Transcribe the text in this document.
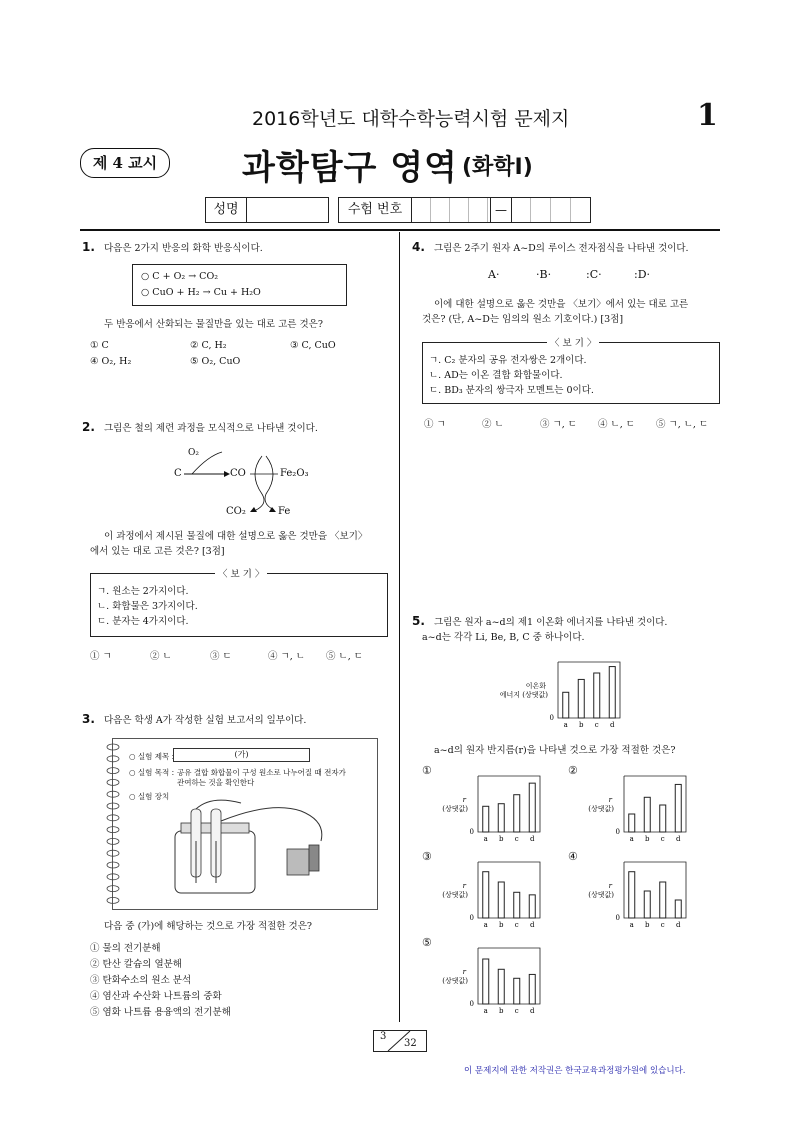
2016학년도 대학수학능력시험 문제지	1
제 4 교시	과학탐구 영역 (화학Ⅰ)
성명	수험 번호	—
1. 다음은 2가지 반응의 화학 반응식이다.
○ C + O₂ → CO₂
○ CuO + H₂ → Cu + H₂O
두 반응에서 산화되는 물질만을 있는 대로 고른 것은?
① C	② C, H₂	③ C, CuO
④ O₂, H₂	⑤ O₂, CuO
2. 그림은 철의 제련 과정을 모식적으로 나타낸 것이다.
O₂
C	CO	Fe₂O₃
CO₂	Fe
이 과정에서 제시된 물질에 대한 설명으로 옳은 것만을 〈보기〉
에서 있는 대로 고른 것은? [3점]
〈 보 기 〉
ㄱ. 원소는 2가지이다.
ㄴ. 화합물은 3가지이다.
ㄷ. 분자는 4가지이다.
① ㄱ	② ㄴ	③ ㄷ	④ ㄱ, ㄴ ⑤ ㄴ, ㄷ
3. 다음은 학생 A가 작성한 실험 보고서의 일부이다.
○ 실험 제목 :	(가)
○ 실험 목적 : 공유 결합 화합물이 구성 원소로 나누어질 때 전자가
관여하는 것을 확인한다
○ 실험 장치
다음 중 (가)에 해당하는 것으로 가장 적절한 것은?
① 물의 전기분해
② 탄산 칼슘의 열분해
③ 탄화수소의 원소 분석
④ 염산과 수산화 나트륨의 중화
⑤ 염화 나트륨 용융액의 전기분해
4. 그림은 2주기 원자 A~D의 루이스 전자점식을 나타낸 것이다.
A·	·B·	:C·	:D·
이에 대한 설명으로 옳은 것만을 〈보기〉에서 있는 대로 고른
것은? (단, A~D는 임의의 원소 기호이다.) [3점]
〈 보 기 〉
ㄱ. C₂ 분자의 공유 전자쌍은 2개이다.
ㄴ. AD는 이온 결합 화합물이다.
ㄷ. BD₃ 분자의 쌍극자 모멘트는 0이다.
① ㄱ	② ㄴ	③ ㄱ, ㄷ ④ ㄴ, ㄷ ⑤ ㄱ, ㄴ, ㄷ
5. 그림은 원자 a~d의 제1 이온화 에너지를 나타낸 것이다.
a~d는 각각 Li, Be, B, C 중 하나이다.
a~d의 원자 반지름(r)을 나타낸 것으로 가장 적절한 것은?
①	②
③	④
⑤
이온화
에너지 (상댓값)
0
a b c d
r
(상댓값)
0
a b c d
r
(상댓값)
0
a b c d
r
(상댓값)
0
a b c d
r
(상댓값)
0
a b c d
r
(상댓값)
0
a b c d
3
32
이 문제지에 관한 저작권은 한국교육과정평가원에 있습니다.
